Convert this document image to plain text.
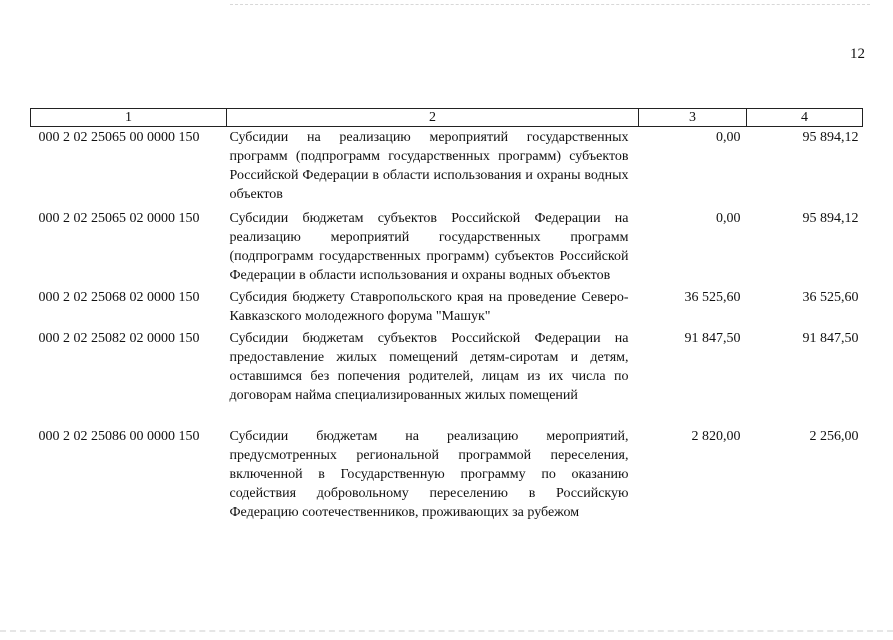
12
1	2	3	4
000 2 02 25065 00 0000 150	Субсидии на реализацию мероприятий государственных программ (подпрограмм государственных программ) субъектов Российской Федерации в области использования и охраны водных объектов	0,00	95 894,12
000 2 02 25065 02 0000 150	Субсидии бюджетам субъектов Российской Федерации на реализацию мероприятий государственных программ (подпрограмм государственных программ) субъектов Российской Федерации в области использования и охраны водных объектов	0,00	95 894,12
000 2 02 25068 02 0000 150	Субсидия бюджету Ставропольского края на проведение Северо-Кавказского молодежного форума "Машук"	36 525,60	36 525,60
000 2 02 25082 02 0000 150	Субсидии бюджетам субъектов Российской Федерации на предоставление жилых помещений детям-сиротам и детям, оставшимся без попечения родителей, лицам из их числа по договорам найма специализированных жилых помещений	91 847,50	91 847,50
000 2 02 25086 00 0000 150	Субсидии бюджетам на реализацию мероприятий, предусмотренных региональной программой переселения, включенной в Государственную программу по оказанию содействия добровольному переселению в Российскую Федерацию соотечественников, проживающих за рубежом	2 820,00	2 256,00
